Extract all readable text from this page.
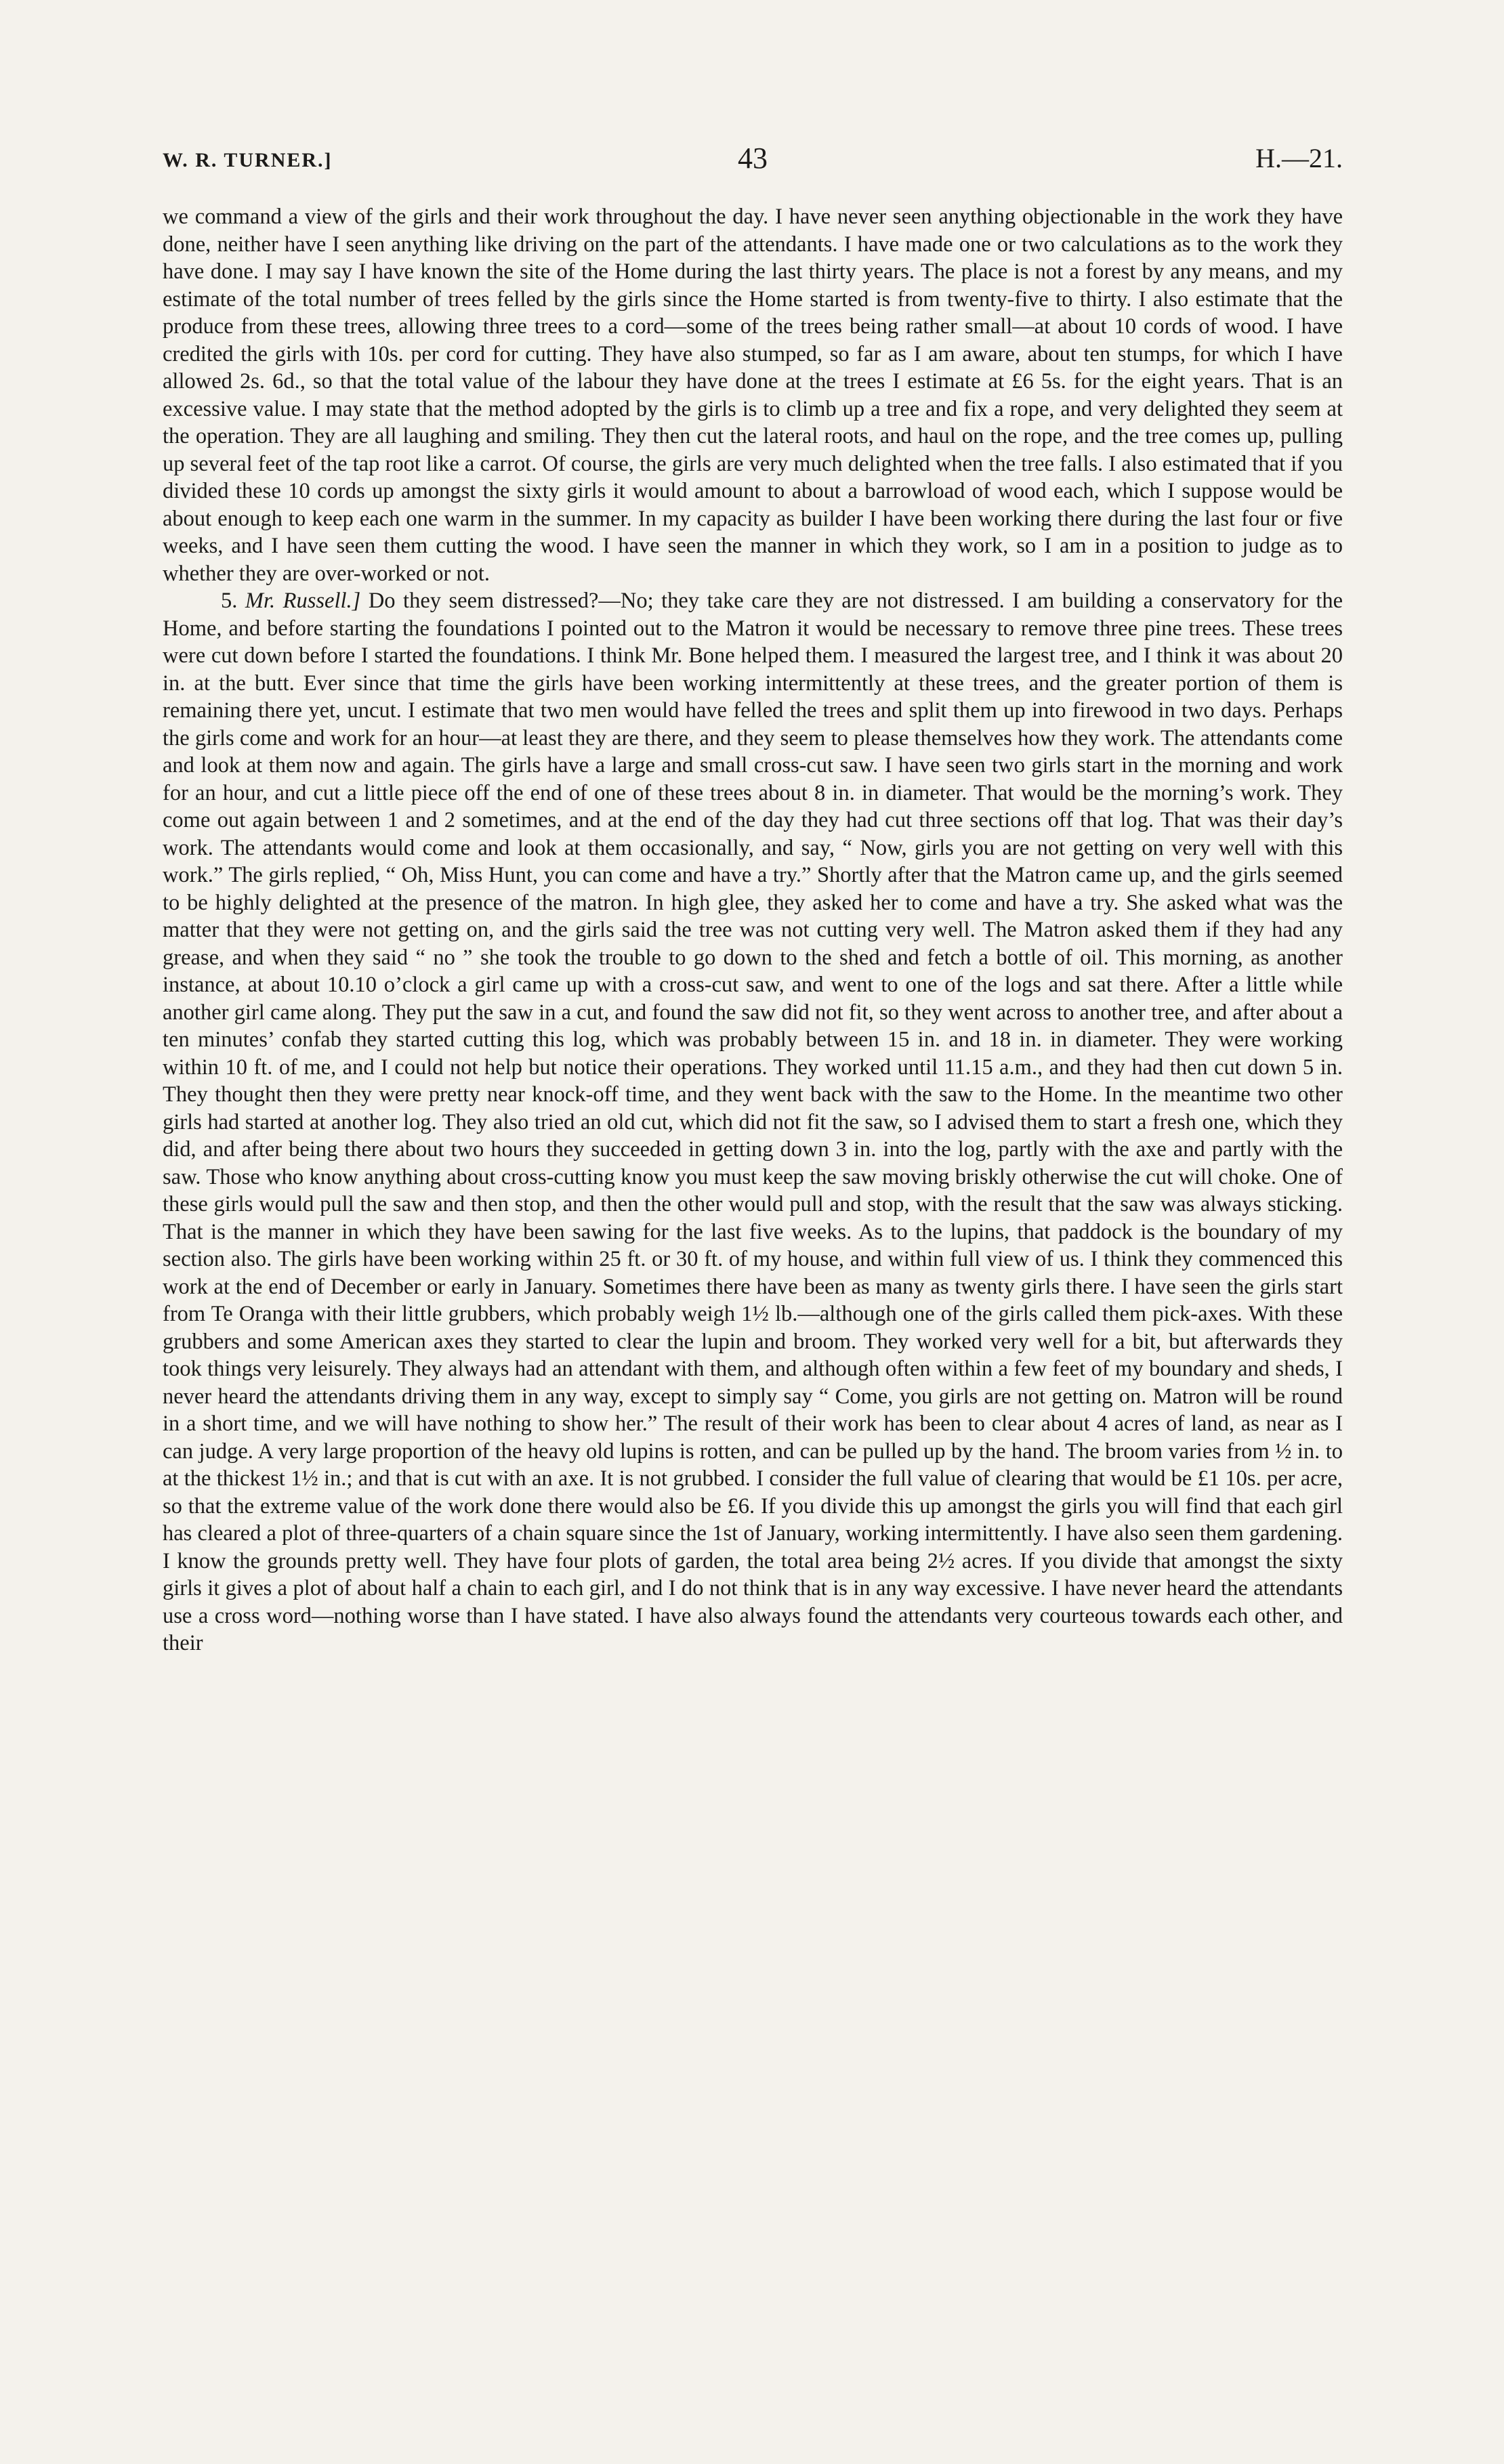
W. R. TURNER.]	43	H.—21.

we command a view of the girls and their work throughout the day. I have never seen anything objectionable in the work they have done, neither have I seen anything like driving on the part of the attendants. I have made one or two calculations as to the work they have done. I may say I have known the site of the Home during the last thirty years. The place is not a forest by any means, and my estimate of the total number of trees felled by the girls since the Home started is from twenty-five to thirty. I also estimate that the produce from these trees, allowing three trees to a cord—some of the trees being rather small—at about 10 cords of wood. I have credited the girls with 10s. per cord for cutting. They have also stumped, so far as I am aware, about ten stumps, for which I have allowed 2s. 6d., so that the total value of the labour they have done at the trees I estimate at £6 5s. for the eight years. That is an excessive value. I may state that the method adopted by the girls is to climb up a tree and fix a rope, and very delighted they seem at the operation. They are all laughing and smiling. They then cut the lateral roots, and haul on the rope, and the tree comes up, pulling up several feet of the tap root like a carrot. Of course, the girls are very much delighted when the tree falls. I also estimated that if you divided these 10 cords up amongst the sixty girls it would amount to about a barrowload of wood each, which I suppose would be about enough to keep each one warm in the summer. In my capacity as builder I have been working there during the last four or five weeks, and I have seen them cutting the wood. I have seen the manner in which they work, so I am in a position to judge as to whether they are over-worked or not.

5. Mr. Russell.] Do they seem distressed?—No; they take care they are not distressed. I am building a conservatory for the Home, and before starting the foundations I pointed out to the Matron it would be necessary to remove three pine trees. These trees were cut down before I started the foundations. I think Mr. Bone helped them. I measured the largest tree, and I think it was about 20 in. at the butt. Ever since that time the girls have been working intermittently at these trees, and the greater portion of them is remaining there yet, uncut. I estimate that two men would have felled the trees and split them up into firewood in two days. Perhaps the girls come and work for an hour—at least they are there, and they seem to please themselves how they work. The attendants come and look at them now and again. The girls have a large and small cross-cut saw. I have seen two girls start in the morning and work for an hour, and cut a little piece off the end of one of these trees about 8 in. in diameter. That would be the morning’s work. They come out again between 1 and 2 sometimes, and at the end of the day they had cut three sections off that log. That was their day’s work. The attendants would come and look at them occasionally, and say, “ Now, girls you are not getting on very well with this work.” The girls replied, “ Oh, Miss Hunt, you can come and have a try.” Shortly after that the Matron came up, and the girls seemed to be highly delighted at the presence of the matron. In high glee, they asked her to come and have a try. She asked what was the matter that they were not getting on, and the girls said the tree was not cutting very well. The Matron asked them if they had any grease, and when they said “ no ” she took the trouble to go down to the shed and fetch a bottle of oil. This morning, as another instance, at about 10.10 o’clock a girl came up with a cross-cut saw, and went to one of the logs and sat there. After a little while another girl came along. They put the saw in a cut, and found the saw did not fit, so they went across to another tree, and after about a ten minutes’ confab they started cutting this log, which was probably between 15 in. and 18 in. in diameter. They were working within 10 ft. of me, and I could not help but notice their operations. They worked until 11.15 a.m., and they had then cut down 5 in. They thought then they were pretty near knock-off time, and they went back with the saw to the Home. In the meantime two other girls had started at another log. They also tried an old cut, which did not fit the saw, so I advised them to start a fresh one, which they did, and after being there about two hours they succeeded in getting down 3 in. into the log, partly with the axe and partly with the saw. Those who know anything about cross-cutting know you must keep the saw moving briskly otherwise the cut will choke. One of these girls would pull the saw and then stop, and then the other would pull and stop, with the result that the saw was always sticking. That is the manner in which they have been sawing for the last five weeks. As to the lupins, that paddock is the boundary of my section also. The girls have been working within 25 ft. or 30 ft. of my house, and within full view of us. I think they commenced this work at the end of December or early in January. Sometimes there have been as many as twenty girls there. I have seen the girls start from Te Oranga with their little grubbers, which probably weigh 1½ lb.—although one of the girls called them pick-axes. With these grubbers and some American axes they started to clear the lupin and broom. They worked very well for a bit, but afterwards they took things very leisurely. They always had an attendant with them, and although often within a few feet of my boundary and sheds, I never heard the attendants driving them in any way, except to simply say “ Come, you girls are not getting on. Matron will be round in a short time, and we will have nothing to show her.” The result of their work has been to clear about 4 acres of land, as near as I can judge. A very large proportion of the heavy old lupins is rotten, and can be pulled up by the hand. The broom varies from ½ in. to at the thickest 1½ in.; and that is cut with an axe. It is not grubbed. I consider the full value of clearing that would be £1 10s. per acre, so that the extreme value of the work done there would also be £6. If you divide this up amongst the girls you will find that each girl has cleared a plot of three-quarters of a chain square since the 1st of January, working intermittently. I have also seen them gardening. I know the grounds pretty well. They have four plots of garden, the total area being 2½ acres. If you divide that amongst the sixty girls it gives a plot of about half a chain to each girl, and I do not think that is in any way excessive. I have never heard the attendants use a cross word—nothing worse than I have stated. I have also always found the attendants very courteous towards each other, and their
